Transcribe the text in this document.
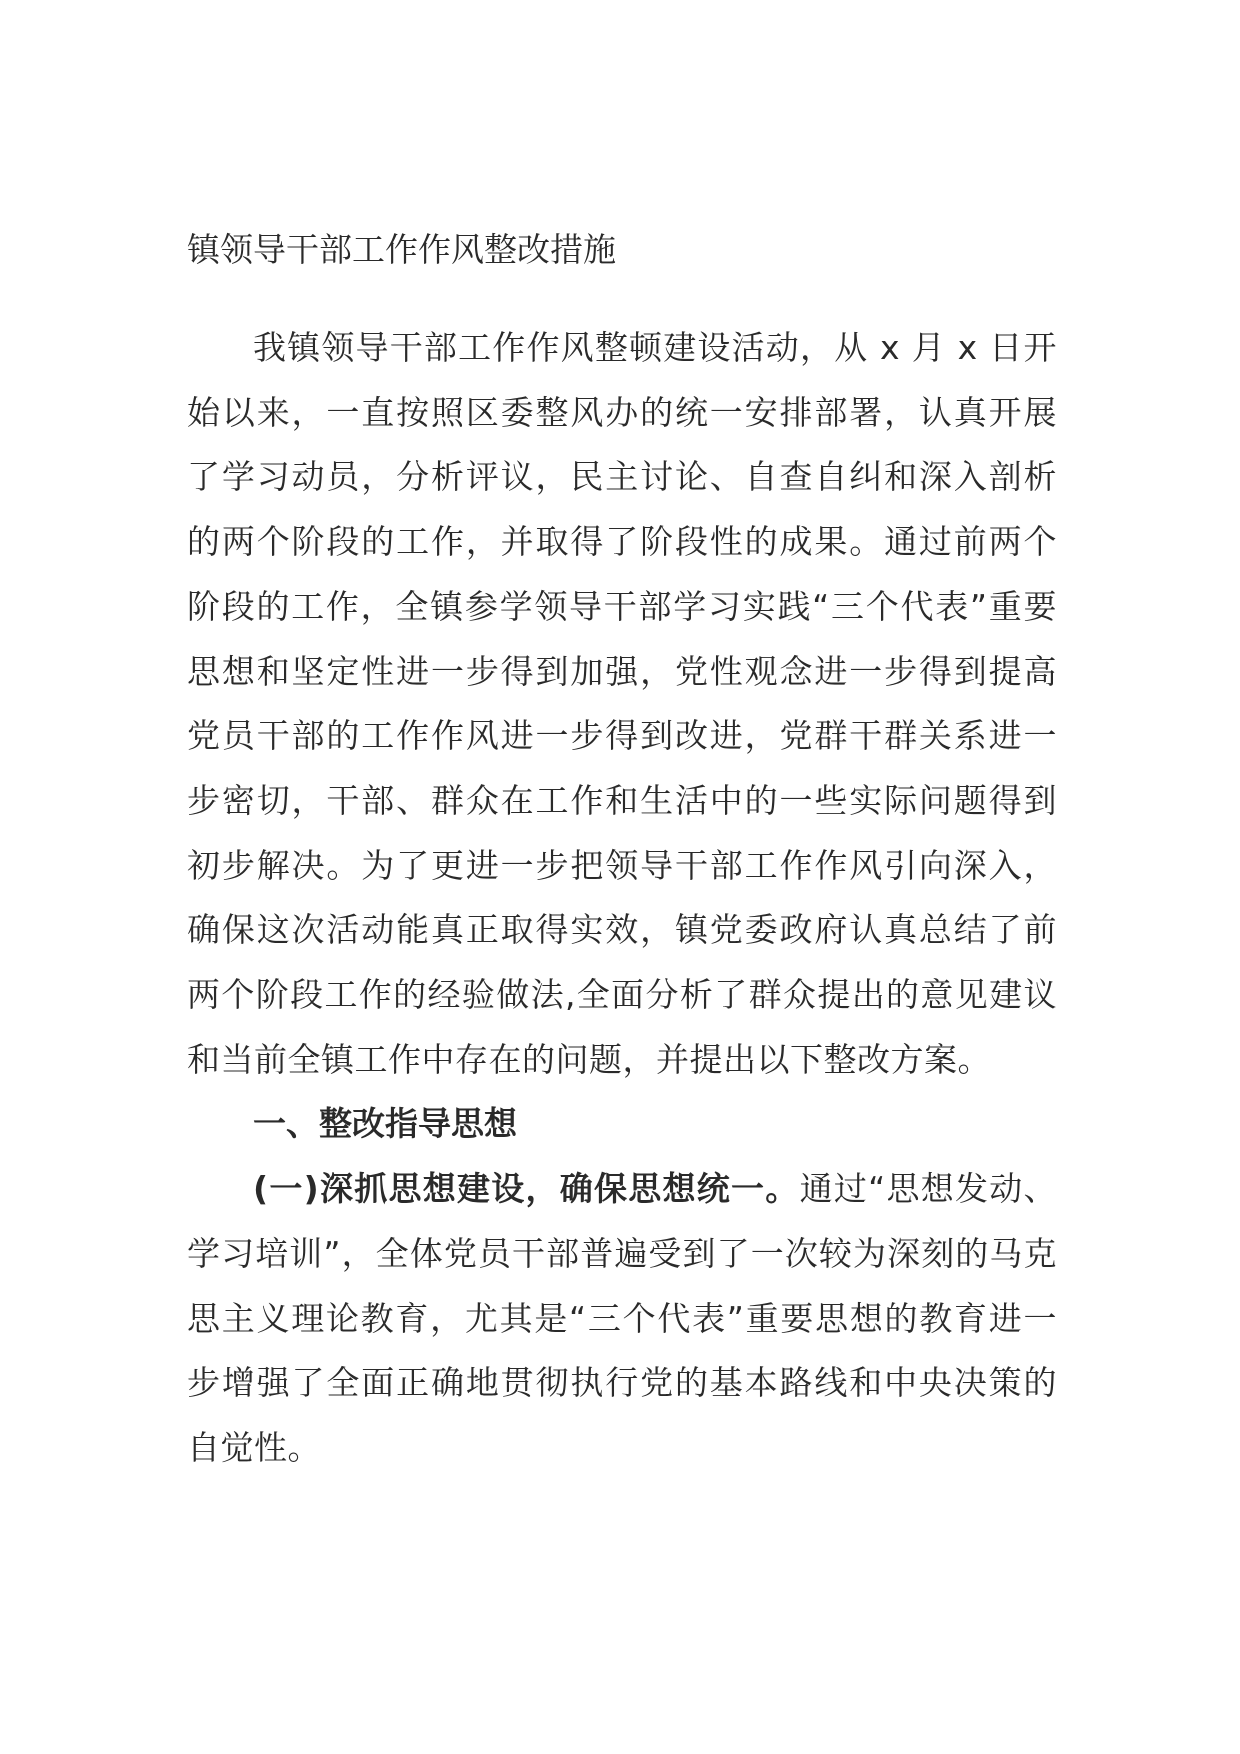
镇领导干部工作作风整改措施

我镇领导干部工作作风整顿建设活动，从 x 月 x 日开始以来，一直按照区委整风办的统一安排部署，认真开展了学习动员，分析评议，民主讨论、自查自纠和深入剖析的两个阶段的工作，并取得了阶段性的成果。通过前两个阶段的工作，全镇参学领导干部学习实践“三个代表”重要思想和坚定性进一步得到加强，党性观念进一步得到提高党员干部的工作作风进一步得到改进，党群干群关系进一步密切，干部、群众在工作和生活中的一些实际问题得到初步解决。为了更进一步把领导干部工作作风引向深入，确保这次活动能真正取得实效，镇党委政府认真总结了前两个阶段工作的经验做法,全面分析了群众提出的意见建议和当前全镇工作中存在的问题，并提出以下整改方案。

一、整改指导思想

(一)深抓思想建设，确保思想统一。通过“思想发动、学习培训”，全体党员干部普遍受到了一次较为深刻的马克思主义理论教育，尤其是“三个代表”重要思想的教育进一步增强了全面正确地贯彻执行党的基本路线和中央决策的自觉性。
